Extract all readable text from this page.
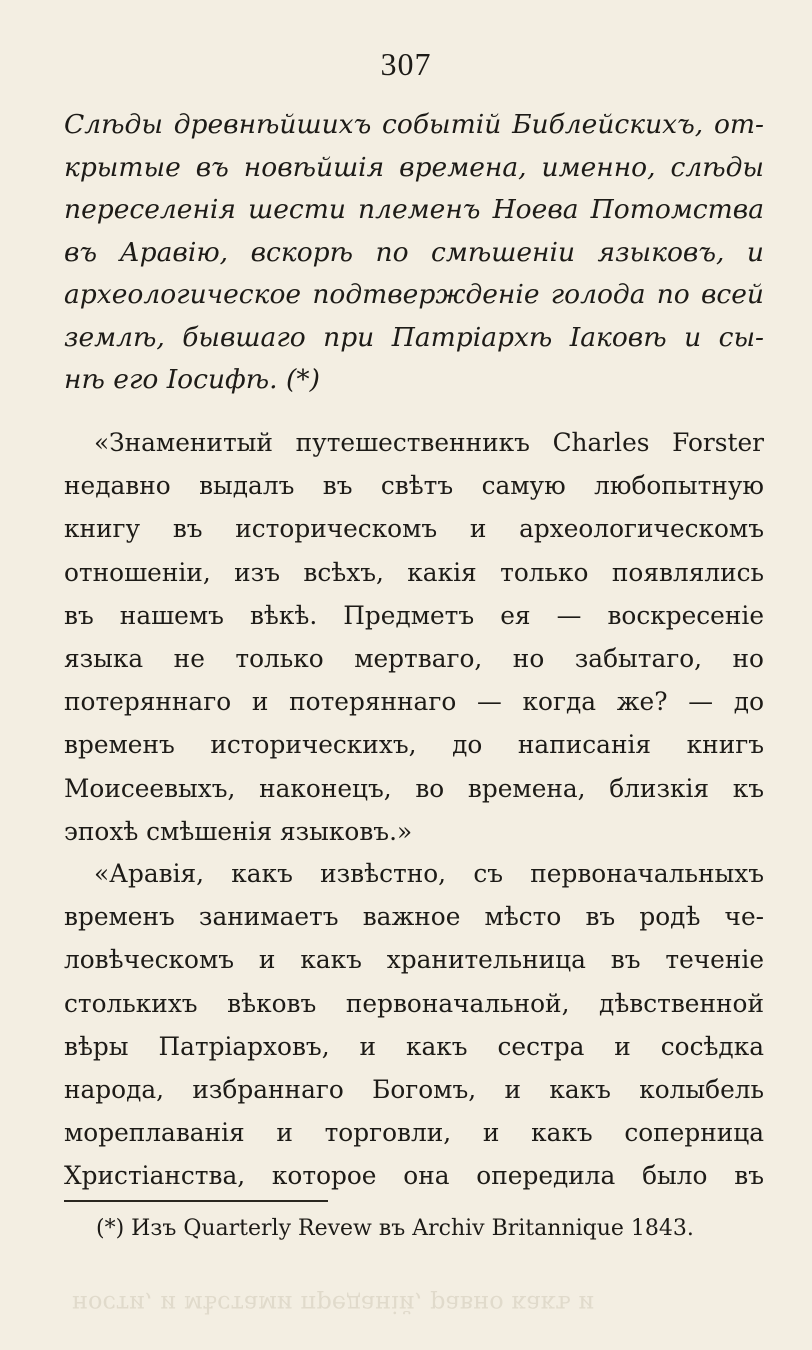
307
Слѣды древнѣйшихъ событій Библейскихъ, от-
крытые въ новѣйшія времена, именно, слѣды
переселенія шести племенъ Ноева Потомства
въ Аравію, вскорѣ по смѣшеніи языковъ, и
археологическое подтвержденіе голода по всей
землѣ, бывшаго при Патріархѣ Іаковѣ и сы-
нѣ его Іосифѣ. (*)
«Знаменитый путешественникъ Charles Forster
недавно выдалъ въ свѣтъ самую любопытную
книгу въ историческомъ и археологическомъ
отношеніи, изъ всѣхъ, какія только появлялись
въ нашемъ вѣкѣ. Предметъ ея — воскресеніе
языка не только мертваго, но забытаго, но
потеряннаго и потеряннаго — когда же? — до
временъ историческихъ, до написанія книгъ
Моисеевыхъ, наконецъ, во времена, близкія къ
эпохѣ смѣшенія языковъ.»
«Аравія, какъ извѣстно, съ первоначальныхъ
временъ занимаетъ важное мѣсто въ родѣ че-
ловѣческомъ и какъ хранительница въ теченіе
столькихъ вѣковъ первоначальной, дѣвственной
вѣры Патріарховъ, и какъ сестра и сосѣдка
народа, избраннаго Богомъ, и какъ колыбель
мореплаванія и торговли, и какъ соперница
Христіанства, которое она опередила было въ
(*) Изъ Quarterly Revew въ Archiv Britannique 1843.
ности, и мѣстами преданій, равно какъ и
